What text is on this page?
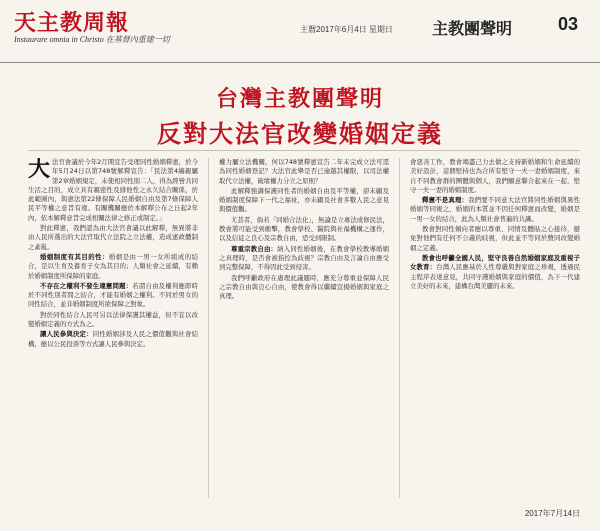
天主教周報
Instaurare omnia in Christo 在基督內重建一切
主曆2017年6月4日 星期日 主教團聲明	03
台灣主教團聲明
反對大法官改變婚姻定義

大法官會議於今年2月開宣告受理同性婚姻釋憲，於今年5月24日以第748號解釋宣告：「民法第4編親屬第2章婚姻規定，未使相同性別二人，得為經營共同生活之目的，成立具有親密性及排他性之永久結合關係，於此範圍內，與憲法第22條保障人民婚姻自由及第7條保障人民平等權之意旨有違。有關機關應於本解釋公布之日起2年內，依本解釋意旨完成相關法律之修正或制定。」

對此釋憲，我們認為由大法官會議以此解釋，無異將非由人民所選出的大法官取代立法院之立法權，造成憲政體制之紊亂。

婚姻制度有其目的性：婚姻是由一男一女所組成的結合，是以生育及養育子女為其目的；人類社會之延續，有賴於婚姻制度所保障的家庭。

不存在之權利不發生違憲問題：若謂自由及權利應即時於不同性別者間之結合，才能有婚姻之權利。不同於男女的同性結合，並非婚姻制度所欲保障之對象。

對於同性結合人民可另以法律保護其權益，但不宜以改變婚姻定義的方式為之。

讓人民參與決定：同性婚姻涉及人民之價值觀與社會結構，應以公民投票等方式讓人民參與決定。

權力屬立法機關，何以748號釋憲宣告二年未完成立法可逕為同性婚姻登記？大法官此舉是否已逾越其權限，以司法權取代立法權，破壞權力分立之原則？

此解釋強調保護同性者的婚姻自由及平等權，卻未顧及婚姻制度保障下一代之福祉，亦未顧及社會多數人民之意見與價值觀。

尤甚者，倘若「同婚合法化」，無論是立專法或修民法，教會將可能受到衝擊，教會學校、醫院與社福機構之運作，以及信徒之良心及宗教自由，恐受到限制。

尊重宗教自由：納入同性婚姻後，在教會學校教導婚姻之真理時，是否會被指控為歧視？宗教自由及言論自由應受到完整保障，不得因此受到侵害。

我們呼籲政府在處理此議題時，應充分尊重並保障人民之宗教自由與良心自由，使教會得以繼續宣揚婚姻與家庭之真理。

會惡善工作，教會竭盡己力去做之支持新婚姻和生命延續的美好設計，這個堅持也為合所有堅守一夫一妻婚姻制度，來自不同教會群的團體與個人，我們願意聯合起來在一起，堅守一夫一妻的婚姻制度。

釋憲不是真理：我們要不同意大法官將同性婚姻與異性婚姻等同視之，婚姻的本質並不因任何釋憲而改變，婚姻是一男一女的結合，此為人類社會普遍的共識。

教會對同性傾向者應以尊重、同情及體貼之心接待，避免對他們有任何不公義的歧視，但此並不等同於贊同改變婚姻之定義。

教會也呼籲全國人民，堅守良善自然婚姻家庭及重視子女教育：台灣人民應基於人性尊嚴與對家庭之珍視，透過民主程序表達意見，共同守護婚姻與家庭的價值，為下一代建立美好的未來，建構台灣美麗的未來。

2017年7月14日
